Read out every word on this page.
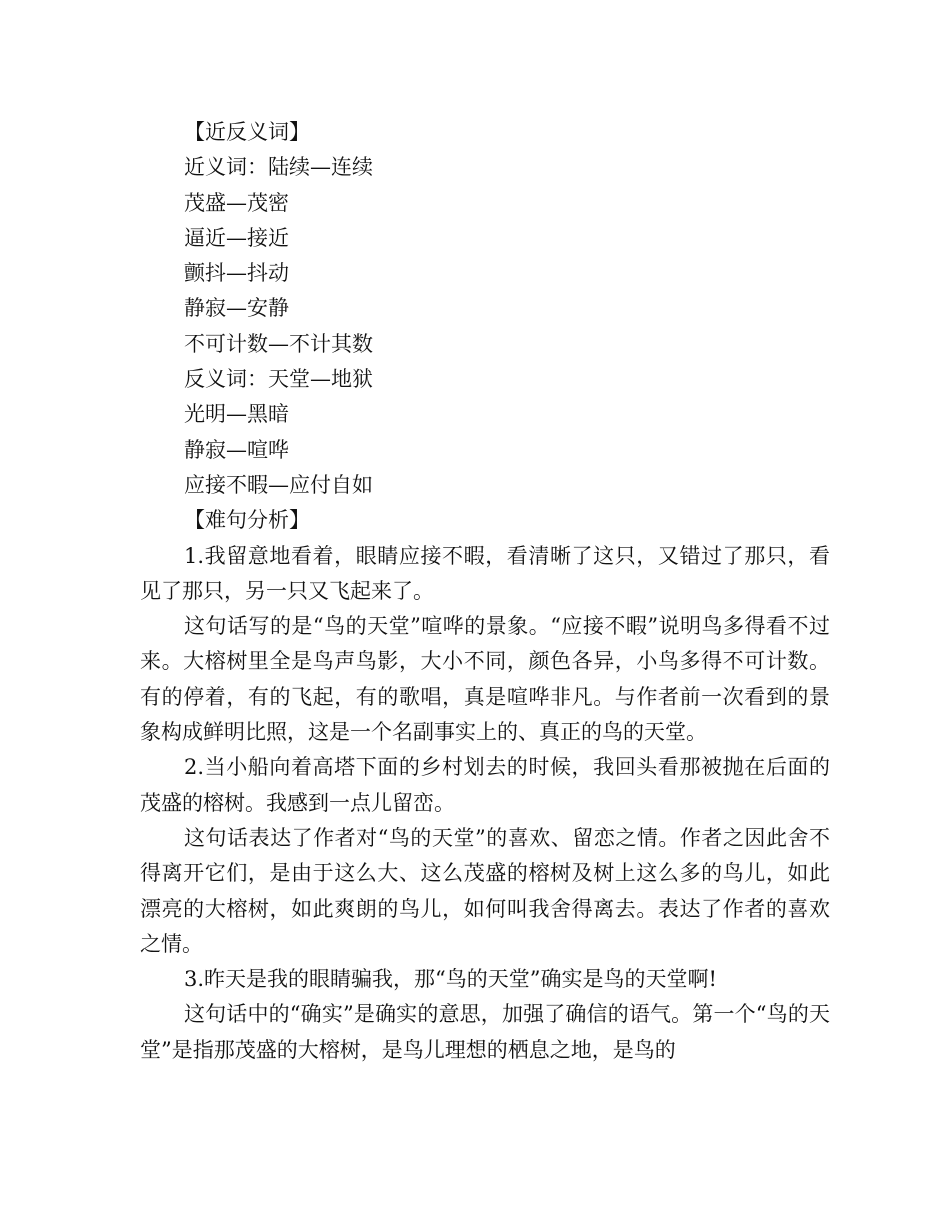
【近反义词】
近义词：陆续—连续
茂盛—茂密
逼近—接近
颤抖—抖动
静寂—安静
不可计数—不计其数
反义词：天堂—地狱
光明—黑暗
静寂—喧哗
应接不暇—应付自如
【难句分析】
1.我留意地看着，眼睛应接不暇，看清晰了这只，又错过了那只，看见了那只，另一只又飞起来了。
这句话写的是“鸟的天堂”喧哗的景象。“应接不暇”说明鸟多得看不过来。大榕树里全是鸟声鸟影，大小不同，颜色各异，小鸟多得不可计数。有的停着，有的飞起，有的歌唱，真是喧哗非凡。与作者前一次看到的景象构成鲜明比照，这是一个名副事实上的、真正的鸟的天堂。
2.当小船向着高塔下面的乡村划去的时候，我回头看那被抛在后面的茂盛的榕树。我感到一点儿留峦。
这句话表达了作者对“鸟的天堂”的喜欢、留恋之情。作者之因此舍不得离开它们，是由于这么大、这么茂盛的榕树及树上这么多的鸟儿，如此漂亮的大榕树，如此爽朗的鸟儿，如何叫我舍得离去。表达了作者的喜欢之情。
3.昨天是我的眼睛骗我，那“鸟的天堂”确实是鸟的天堂啊!
这句话中的“确实”是确实的意思，加强了确信的语气。第一个“鸟的天堂”是指那茂盛的大榕树，是鸟儿理想的栖息之地，是鸟的
